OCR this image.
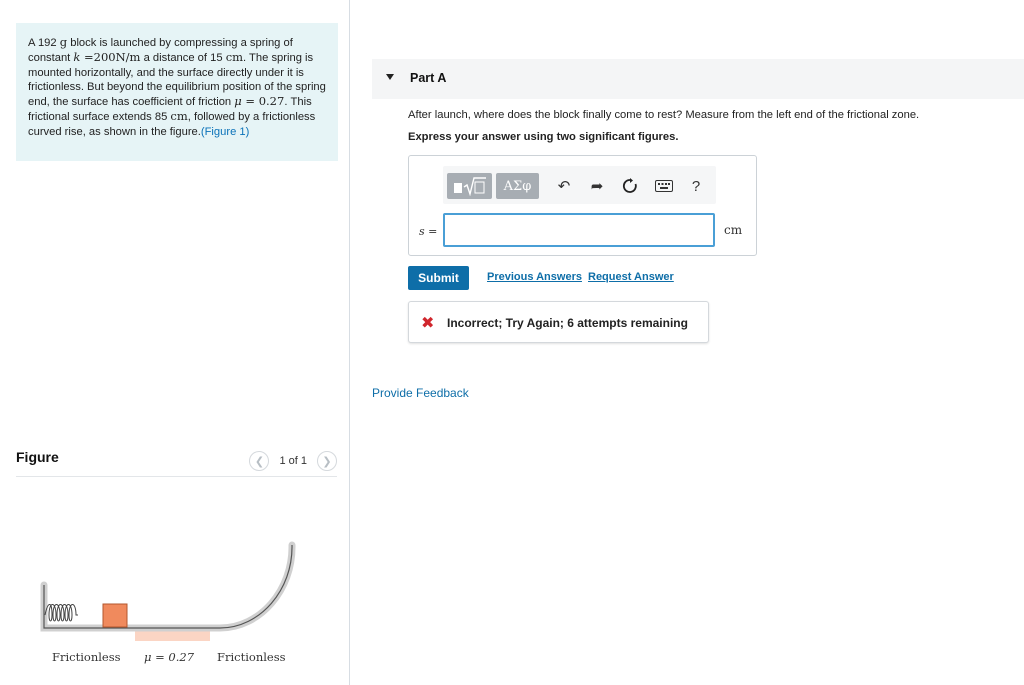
A 192 g block is launched by compressing a spring of constant k =200N/m a distance of 15 cm. The spring is mounted horizontally, and the surface directly under it is frictionless. But beyond the equilibrium position of the spring end, the surface has coefficient of friction μ = 0.27. This frictional surface extends 85 cm, followed by a frictionless curved rise, as shown in the figure.(Figure 1)
Figure	❮	1 of 1	❯
Frictionless μ = 0.27 Frictionless
Part A
After launch, where does the block finally come to rest? Measure from the left end of the frictional zone.
Express your answer using two significant figures.
ΑΣφ	↶	➦	?
s =	cm
Submit	Previous Answers Request Answer
✖ Incorrect; Try Again; 6 attempts remaining
Provide Feedback
